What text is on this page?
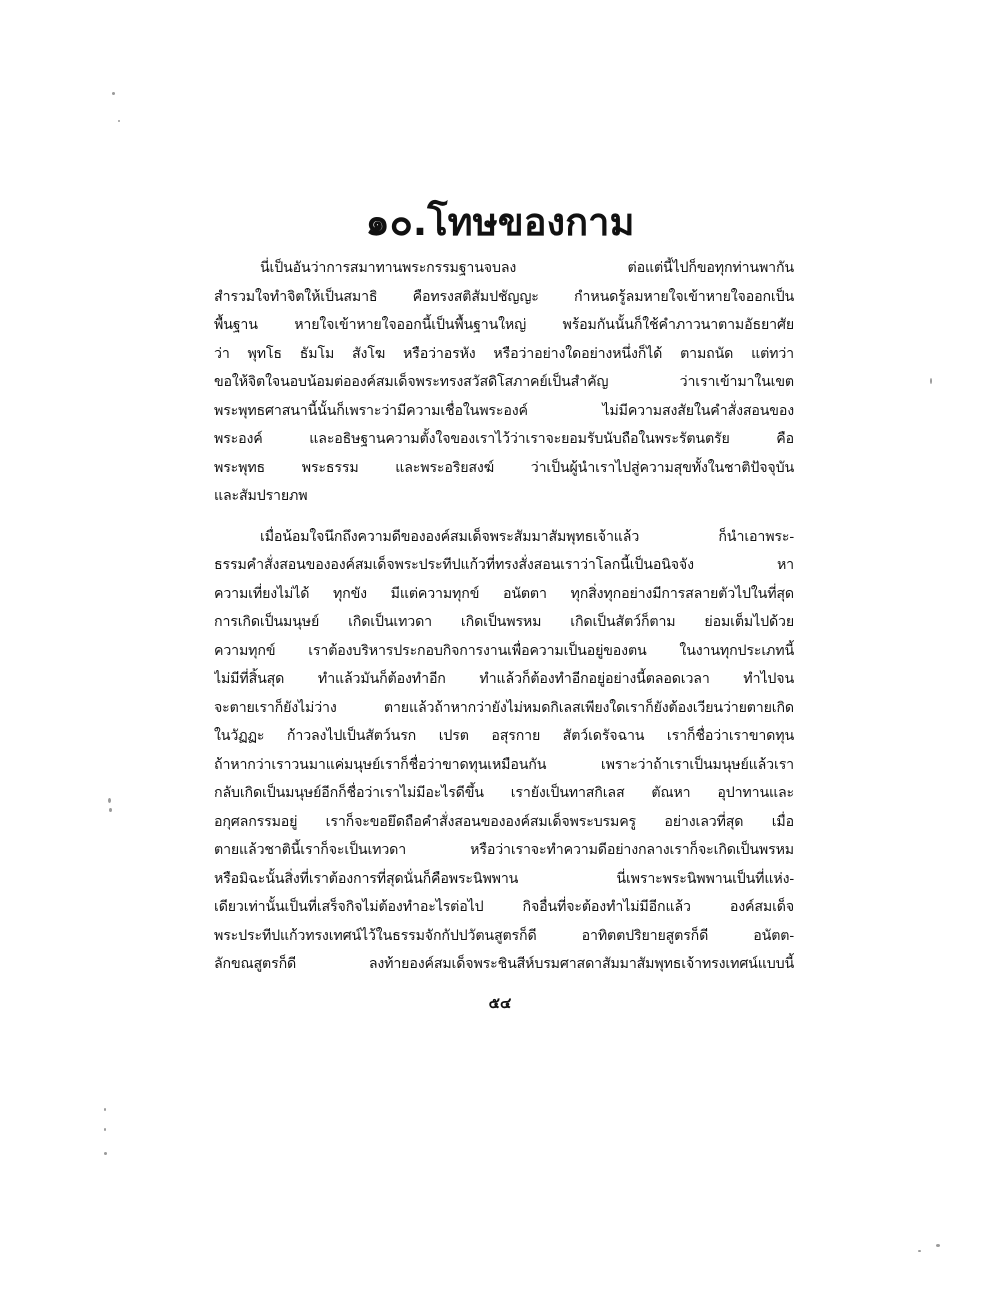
๑๐.โทษของกาม
นี่เป็นอันว่าการสมาทานพระกรรมฐานจบลง ต่อแต่นี้ไปก็ขอทุกท่านพากัน
สำรวมใจทำจิตให้เป็นสมาธิ คือทรงสติสัมปชัญญะ กำหนดรู้ลมหายใจเข้าหายใจออกเป็น
พื้นฐาน หายใจเข้าหายใจออกนี้เป็นพื้นฐานใหญ่ พร้อมกันนั้นก็ใช้คำภาวนาตามอัธยาศัย
ว่า พุทโธ ธัมโม สังโฆ หรือว่าอรหัง หรือว่าอย่างใดอย่างหนึ่งก็ได้ ตามถนัด แต่ทว่า
ขอให้จิตใจนอบน้อมต่อองค์สมเด็จพระทรงสวัสดิโสภาคย์เป็นสำคัญ ว่าเราเข้ามาในเขต
พระพุทธศาสนานี้นั้นก็เพราะว่ามีความเชื่อในพระองค์ ไม่มีความสงสัยในคำสั่งสอนของ
พระองค์ และอธิษฐานความตั้งใจของเราไว้ว่าเราจะยอมรับนับถือในพระรัตนตรัย คือ
พระพุทธ พระธรรม และพระอริยสงฆ์ ว่าเป็นผู้นำเราไปสู่ความสุขทั้งในชาติปัจจุบัน
และสัมปรายภพ
เมื่อน้อมใจนึกถึงความดีขององค์สมเด็จพระสัมมาสัมพุทธเจ้าแล้ว ก็นำเอาพระ-
ธรรมคำสั่งสอนขององค์สมเด็จพระประทีปแก้วที่ทรงสั่งสอนเราว่าโลกนี้เป็นอนิจจัง หา
ความเที่ยงไม่ได้ ทุกขัง มีแต่ความทุกข์ อนัตตา ทุกสิ่งทุกอย่างมีการสลายตัวไปในที่สุด
การเกิดเป็นมนุษย์ เกิดเป็นเทวดา เกิดเป็นพรหม เกิดเป็นสัตว์ก็ตาม ย่อมเต็มไปด้วย
ความทุกข์ เราต้องบริหารประกอบกิจการงานเพื่อความเป็นอยู่ของตน ในงานทุกประเภทนี้
ไม่มีที่สิ้นสุด ทำแล้วมันก็ต้องทำอีก ทำแล้วก็ต้องทำอีกอยู่อย่างนี้ตลอดเวลา ทำไปจน
จะตายเราก็ยังไม่ว่าง ตายแล้วถ้าหากว่ายังไม่หมดกิเลสเพียงใดเราก็ยังต้องเวียนว่ายตายเกิด
ในวัฏฏะ ก้าวลงไปเป็นสัตว์นรก เปรต อสุรกาย สัตว์เดรัจฉาน เราก็ชื่อว่าเราขาดทุน
ถ้าหากว่าเราวนมาแค่มนุษย์เราก็ชื่อว่าขาดทุนเหมือนกัน เพราะว่าถ้าเราเป็นมนุษย์แล้วเรา
กลับเกิดเป็นมนุษย์อีกก็ชื่อว่าเราไม่มีอะไรดีขึ้น เรายังเป็นทาสกิเลส ตัณหา อุปาทานและ
อกุศลกรรมอยู่ เราก็จะขอยึดถือคำสั่งสอนขององค์สมเด็จพระบรมครู อย่างเลวที่สุด เมื่อ
ตายแล้วชาตินี้เราก็จะเป็นเทวดา หรือว่าเราจะทำความดีอย่างกลางเราก็จะเกิดเป็นพรหม
หรือมิฉะนั้นสิ่งที่เราต้องการที่สุดนั่นก็คือพระนิพพาน นี่เพราะพระนิพพานเป็นที่แห่ง-
เดียวเท่านั้นเป็นที่เสร็จกิจไม่ต้องทำอะไรต่อไป กิจอื่นที่จะต้องทำไม่มีอีกแล้ว องค์สมเด็จ
พระประทีปแก้วทรงเทศน์ไว้ในธรรมจักกัปปวัตนสูตรก็ดี อาทิตตปริยายสูตรก็ดี อนัตต-
ลักขณสูตรก็ดี ลงท้ายองค์สมเด็จพระชินสีห์บรมศาสดาสัมมาสัมพุทธเจ้าทรงเทศน์แบบนี้
๕๔
